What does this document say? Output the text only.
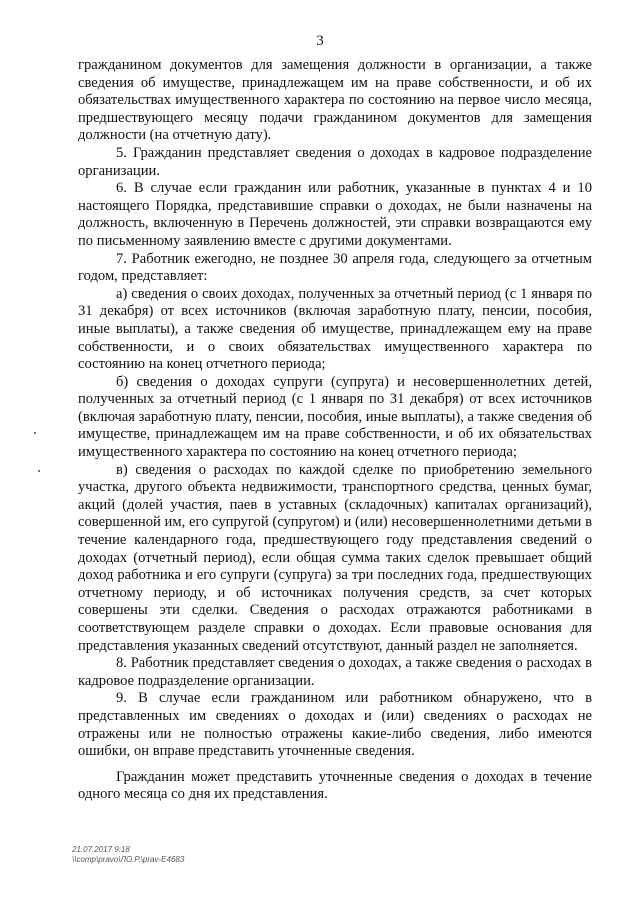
3

гражданином документов для замещения должности в организации, а также сведения об имуществе, принадлежащем им на праве собственности, и об их обязательствах имущественного характера по состоянию на первое число месяца, предшествующего месяцу подачи гражданином документов для замещения должности (на отчетную дату).

5. Гражданин представляет сведения о доходах в кадровое подразделение организации.

6. В случае если гражданин или работник, указанные в пунктах 4 и 10 настоящего Порядка, представившие справки о доходах, не были назначены на должность, включенную в Перечень должностей, эти справки возвращаются ему по письменному заявлению вместе с другими документами.

7. Работник ежегодно, не позднее 30 апреля года, следующего за отчетным годом, представляет:

а) сведения о своих доходах, полученных за отчетный период (с 1 января по 31 декабря) от всех источников (включая заработную плату, пенсии, пособия, иные выплаты), а также сведения об имуществе, принадлежащем ему на праве собственности, и о своих обязательствах имущественного характера по состоянию на конец отчетного периода;

б) сведения о доходах супруги (супруга) и несовершеннолетних детей, полученных за отчетный период (с 1 января по 31 декабря) от всех источников (включая заработную плату, пенсии, пособия, иные выплаты), а также сведения об имуществе, принадлежащем им на праве собственности, и об их обязательствах имущественного характера по состоянию на конец отчетного периода;

в) сведения о расходах по каждой сделке по приобретению земельного участка, другого объекта недвижимости, транспортного средства, ценных бумаг, акций (долей участия, паев в уставных (складочных) капиталах организаций), совершенной им, его супругой (супругом) и (или) несовершеннолетними детьми в течение календарного года, предшествующего году представления сведений о доходах (отчетный период), если общая сумма таких сделок превышает общий доход работника и его супруги (супруга) за три последних года, предшествующих отчетному периоду, и об источниках получения средств, за счет которых совершены эти сделки. Сведения о расходах отражаются работниками в соответствующем разделе справки о доходах. Если правовые основания для представления указанных сведений отсутствуют, данный раздел не заполняется.

8. Работник представляет сведения о доходах, а также сведения о расходах в кадровое подразделение организации.

9. В случае если гражданином или работником обнаружено, что в представленных им сведениях о доходах и (или) сведениях о расходах не отражены или не полностью отражены какие-либо сведения, либо имеются ошибки, он вправе представить уточненные сведения.

Гражданин может представить уточненные сведения о доходах в течение одного месяца со дня их представления.

21.07.2017 9:18
\\comp\pravo\ЛО.Р.\prav-E4683
